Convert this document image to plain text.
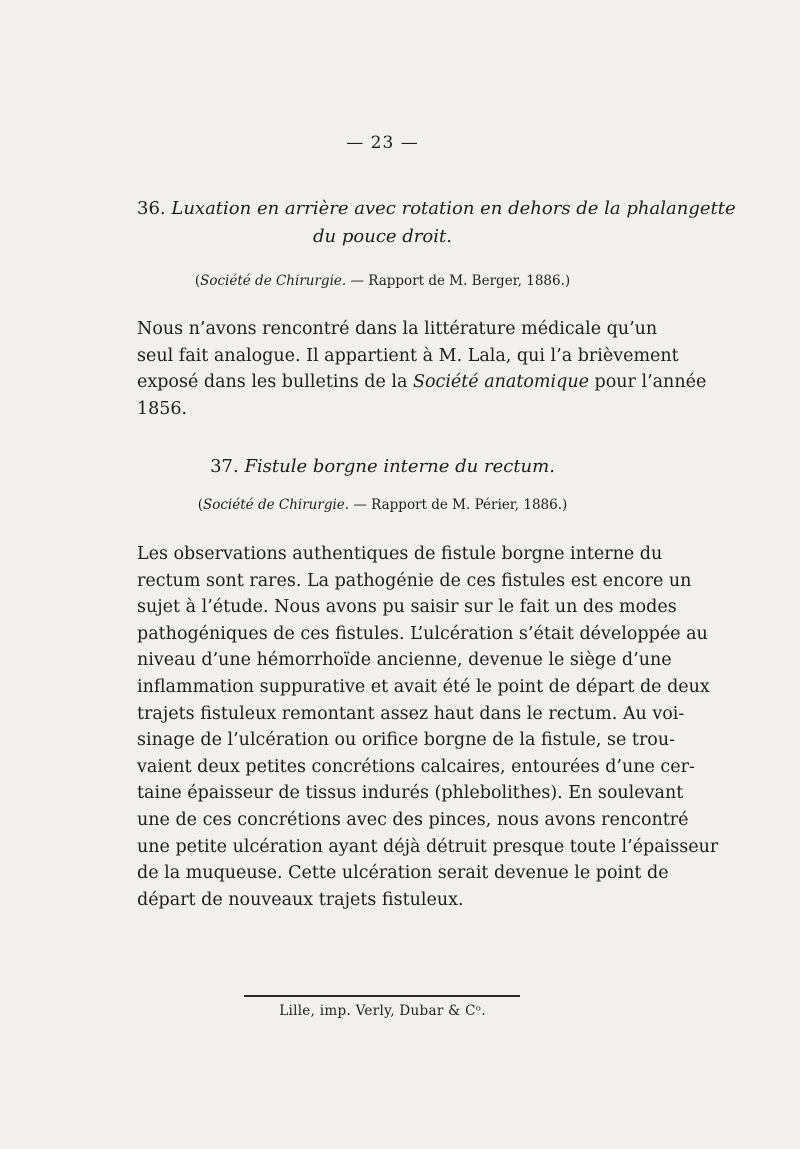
— 23 —
36. Luxation en arrière avec rotation en dehors de la phalangette
du pouce droit.
(Société de Chirurgie. — Rapport de M. Berger, 1886.)
Nous n’avons rencontré dans la littérature médicale qu’un
seul fait analogue. Il appartient à M. Lala, qui l’a brièvement
exposé dans les bulletins de la Société anatomique pour l’année
1856.
37. Fistule borgne interne du rectum.
(Société de Chirurgie. — Rapport de M. Périer, 1886.)
Les observations authentiques de fistule borgne interne du
rectum sont rares. La pathogénie de ces fistules est encore un
sujet à l’étude. Nous avons pu saisir sur le fait un des modes
pathogéniques de ces fistules. L’ulcération s’était développée au
niveau d’une hémorrhoïde ancienne, devenue le siège d’une
inflammation suppurative et avait été le point de départ de deux
trajets fistuleux remontant assez haut dans le rectum. Au voi-
sinage de l’ulcération ou orifice borgne de la fistule, se trou-
vaient deux petites concrétions calcaires, entourées d’une cer-
taine épaisseur de tissus indurés (phlebolithes). En soulevant
une de ces concrétions avec des pinces, nous avons rencontré
une petite ulcération ayant déjà détruit presque toute l’épaisseur
de la muqueuse. Cette ulcération serait devenue le point de
départ de nouveaux trajets fistuleux.
Lille, imp. Verly, Dubar & Cᵒ.
